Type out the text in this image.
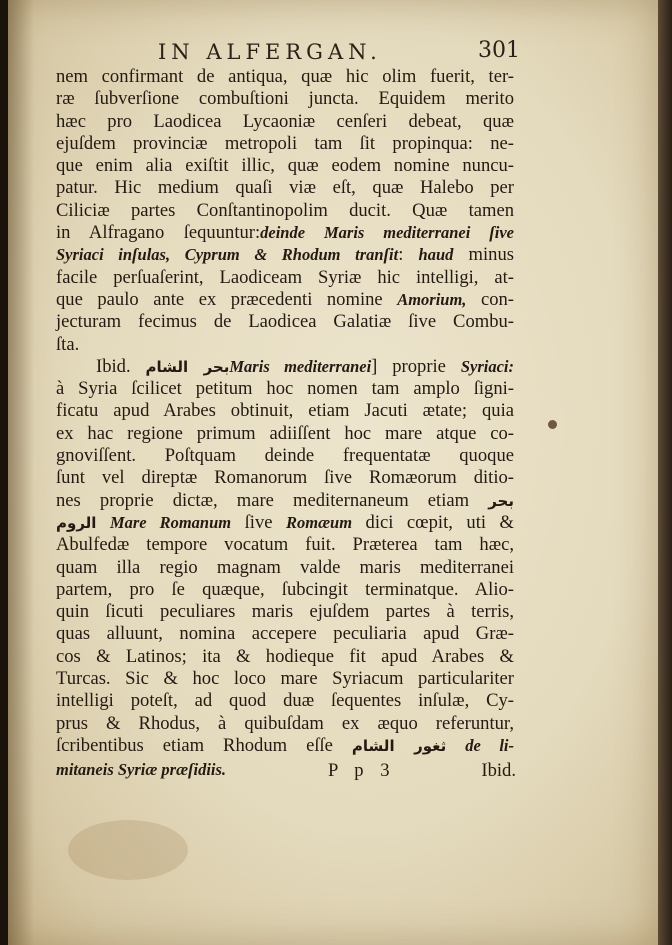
IN ALFERGAN.	301
nem confirmant de antiqua, quæ hic olim fuerit, ter-
ræ ſubverſione combuſtioni juncta. Equidem merito
hæc pro Laodicea Lycaoniæ cenſeri debeat, quæ
ejuſdem provinciæ metropoli tam ſit propinqua: ne-
que enim alia exiſtit illic, quæ eodem nomine nuncu-
patur. Hic medium quaſi viæ eſt, quæ Halebo per
Ciliciæ partes Conſtantinopolim ducit. Quæ tamen
in Alfragano ſequuntur:deinde Maris mediterranei ſive
Syriaci inſulas, Cyprum & Rhodum tranſit: haud minus
facile perſuaſerint, Laodiceam Syriæ hic intelligi, at-
que paulo ante ex præcedenti nomine Amorium, con-
jecturam fecimus de Laodicea Galatiæ ſive Combu-
ſta.
Ibid. بحر الشامMaris mediterranei] proprie Syriaci:
à Syria ſcilicet petitum hoc nomen tam amplo ſigni-
ficatu apud Arabes obtinuit, etiam Jacuti ætate; quia
ex hac regione primum adiiſſent hoc mare atque co-
gnoviſſent. Poſtquam deinde frequentatæ quoque
ſunt vel direptæ Romanorum ſive Romæorum ditio-
nes proprie dictæ, mare mediternaneum etiam بحر
الروم Mare Romanum ſive Romæum dici cœpit, uti &
Abulfedæ tempore vocatum fuit. Præterea tam hæc,
quam illa regio magnam valde maris mediterranei
partem, pro ſe quæque, ſubcingit terminatque. Alio-
quin ſicuti peculiares maris ejuſdem partes à terris,
quas alluunt, nomina accepere peculiaria apud Græ-
cos & Latinos; ita & hodieque fit apud Arabes &
Turcas. Sic & hoc loco mare Syriacum particulariter
intelligi poteſt, ad quod duæ ſequentes inſulæ, Cy-
prus & Rhodus, à quibuſdam ex æquo referuntur,
ſcribentibus etiam Rhodum eſſe ثغور الشام de li-
mitaneis Syriæ præſidiis.	P p 3	Ibid.
